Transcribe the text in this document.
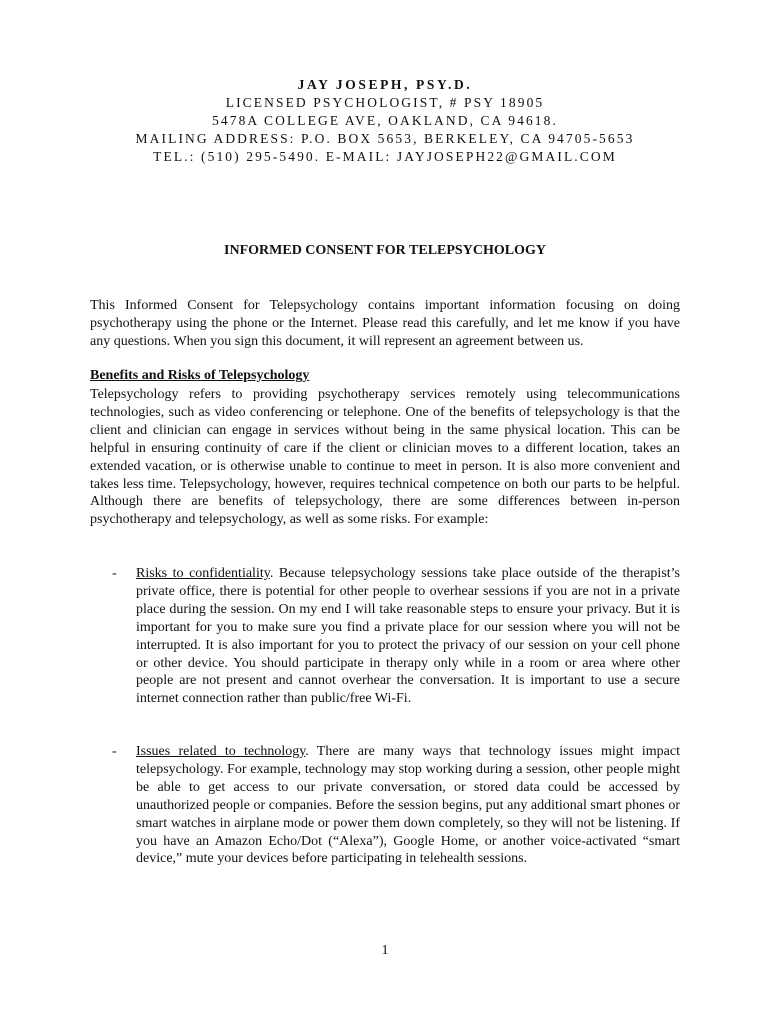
JAY JOSEPH, PSY.D.
LICENSED PSYCHOLOGIST, # PSY 18905
5478A COLLEGE AVE, OAKLAND, CA 94618.
MAILING ADDRESS: P.O. BOX 5653, BERKELEY, CA 94705-5653
TEL.: (510) 295-5490. E-MAIL: JAYJOSEPH22@GMAIL.COM
INFORMED CONSENT FOR TELEPSYCHOLOGY

This Informed Consent for Telepsychology contains important information focusing on doing psychotherapy using the phone or the Internet. Please read this carefully, and let me know if you have any questions. When you sign this document, it will represent an agreement between us.

Benefits and Risks of Telepsychology

Telepsychology refers to providing psychotherapy services remotely using telecommunications technologies, such as video conferencing or telephone. One of the benefits of telepsychology is that the client and clinician can engage in services without being in the same physical location. This can be helpful in ensuring continuity of care if the client or clinician moves to a different location, takes an extended vacation, or is otherwise unable to continue to meet in person. It is also more convenient and takes less time. Telepsychology, however, requires technical competence on both our parts to be helpful. Although there are benefits of telepsychology, there are some differences between in-person psychotherapy and telepsychology, as well as some risks. For example:

- Risks to confidentiality. Because telepsychology sessions take place outside of the therapist’s private office, there is potential for other people to overhear sessions if you are not in a private place during the session. On my end I will take reasonable steps to ensure your privacy. But it is important for you to make sure you find a private place for our session where you will not be interrupted. It is also important for you to protect the privacy of our session on your cell phone or other device. You should participate in therapy only while in a room or area where other people are not present and cannot overhear the conversation. It is important to use a secure internet connection rather than public/free Wi-Fi.
- Issues related to technology. There are many ways that technology issues might impact telepsychology. For example, technology may stop working during a session, other people might be able to get access to our private conversation, or stored data could be accessed by unauthorized people or companies. Before the session begins, put any additional smart phones or smart watches in airplane mode or power them down completely, so they will not be listening. If you have an Amazon Echo/Dot (“Alexa”), Google Home, or another voice-activated “smart device,” mute your devices before participating in telehealth sessions.
1
